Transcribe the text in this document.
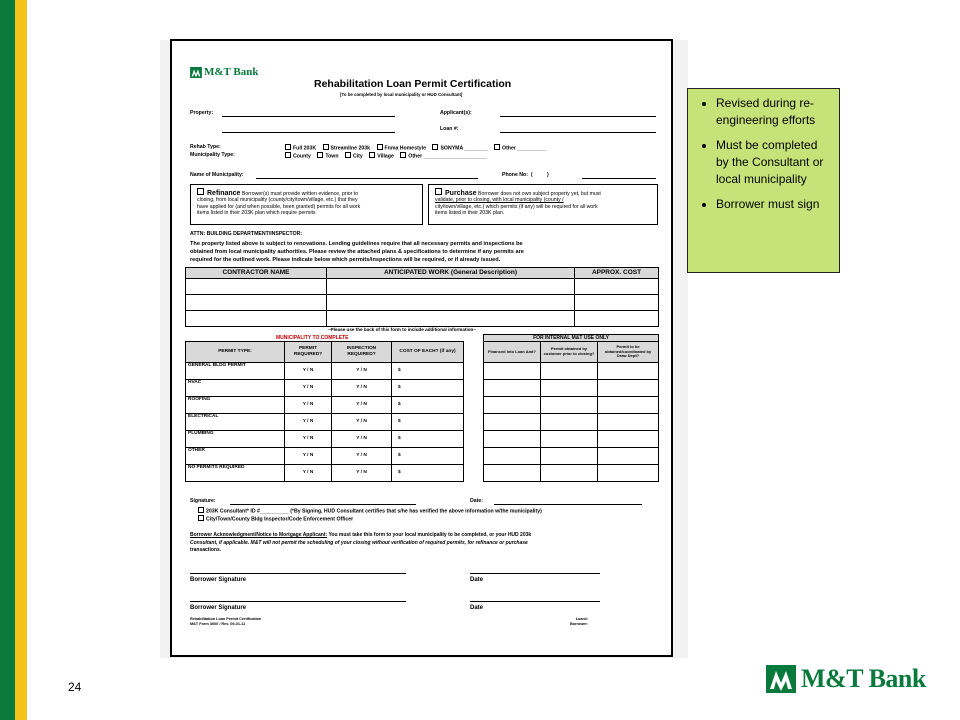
M&T Bank
Rehabilitation Loan Permit Certification
[To be completed by local municipality or HUD Consultant]
Property:	Applicant(s):
Loan #:
Rehab Type:	Full 203K	Streamline 203k	Fnma Homestyle	SONYMA ________	Other __________
Municipality Type:	County	Town	City	Village	Other ______________________
Name of Municipality:	Phone No:  (          )
Refinance Borrower(s) must provide written evidence, prior to
closing, from local municipality (county/city/town/village, etc.) that they
have applied for (and when possible, been granted) permits for all work
items listed in their 203K plan which require permits
Purchase Borrower does not own subject property yet, but must
validate, prior to closing, with local municipality (county /
city/town/village, etc.) which permits (if any) will be required for all work
items listed in their 203K plan.
ATTN: BUILDING DEPARTMENT/INSPECTOR:
The property listed above is subject to renovations. Lending guidelines require that all necessary permits and inspections be
obtained from local municipality authorities. Please review the attached plans & specifications to determine if any permits are
required for the outlined work. Please indicate below which permits/inspections will be required, or if already issued.
CONTRACTOR NAME	ANTICIPATED WORK (General Description)	APPROX. COST

~Please use the back of this form to include additional information~
MUNICIPALITY TO COMPLETE
PERMIT TYPE:	PERMIT REQUIRED?	INSPECTION REQUIRED?	COST OF EACH? (if any)
GENERAL BLDG PERMIT	Y / N	Y / N	$
HVAC	Y / N	Y / N	$
ROOFING	Y / N	Y / N	$
ELECTRICAL	Y / N	Y / N	$
PLUMBING	Y / N	Y / N	$
OTHER	Y / N	Y / N	$
NO PERMITS REQUIRED	Y / N	Y / N	$
FOR INTERNAL M&T USE ONLY		
Financed into Loan Amt?	Permit obtained by customer prior to closing?	Permit to be obtained/coordinated by Draw Dept?

Signature:	Date:
203K Consultant* ID #__________ (*By Signing, HUD Consultant certifies that s/he has verified the above information w/the municipality)
City/Town/County Bldg Inspector/Code Enforcement Officer
Borrower Acknowledgment/Notice to Mortgage Applicant: You must take this form to your local municipality to be completed, or your HUD 203k
Consultant, if applicable. M&T will not permit the scheduling of your closing without verification of required permits, for refinance or purchase
transactions.
Borrower Signature	Date
Borrower Signature	Date
Rehabilitation Loan Permit Certification
M&T Form 3000 / Rev. 09-01-11
Loan#:
Borrower:
• Revised during re-engineering efforts
• Must be completed by the Consultant or local municipality
• Borrower must sign
24	M&T Bank
